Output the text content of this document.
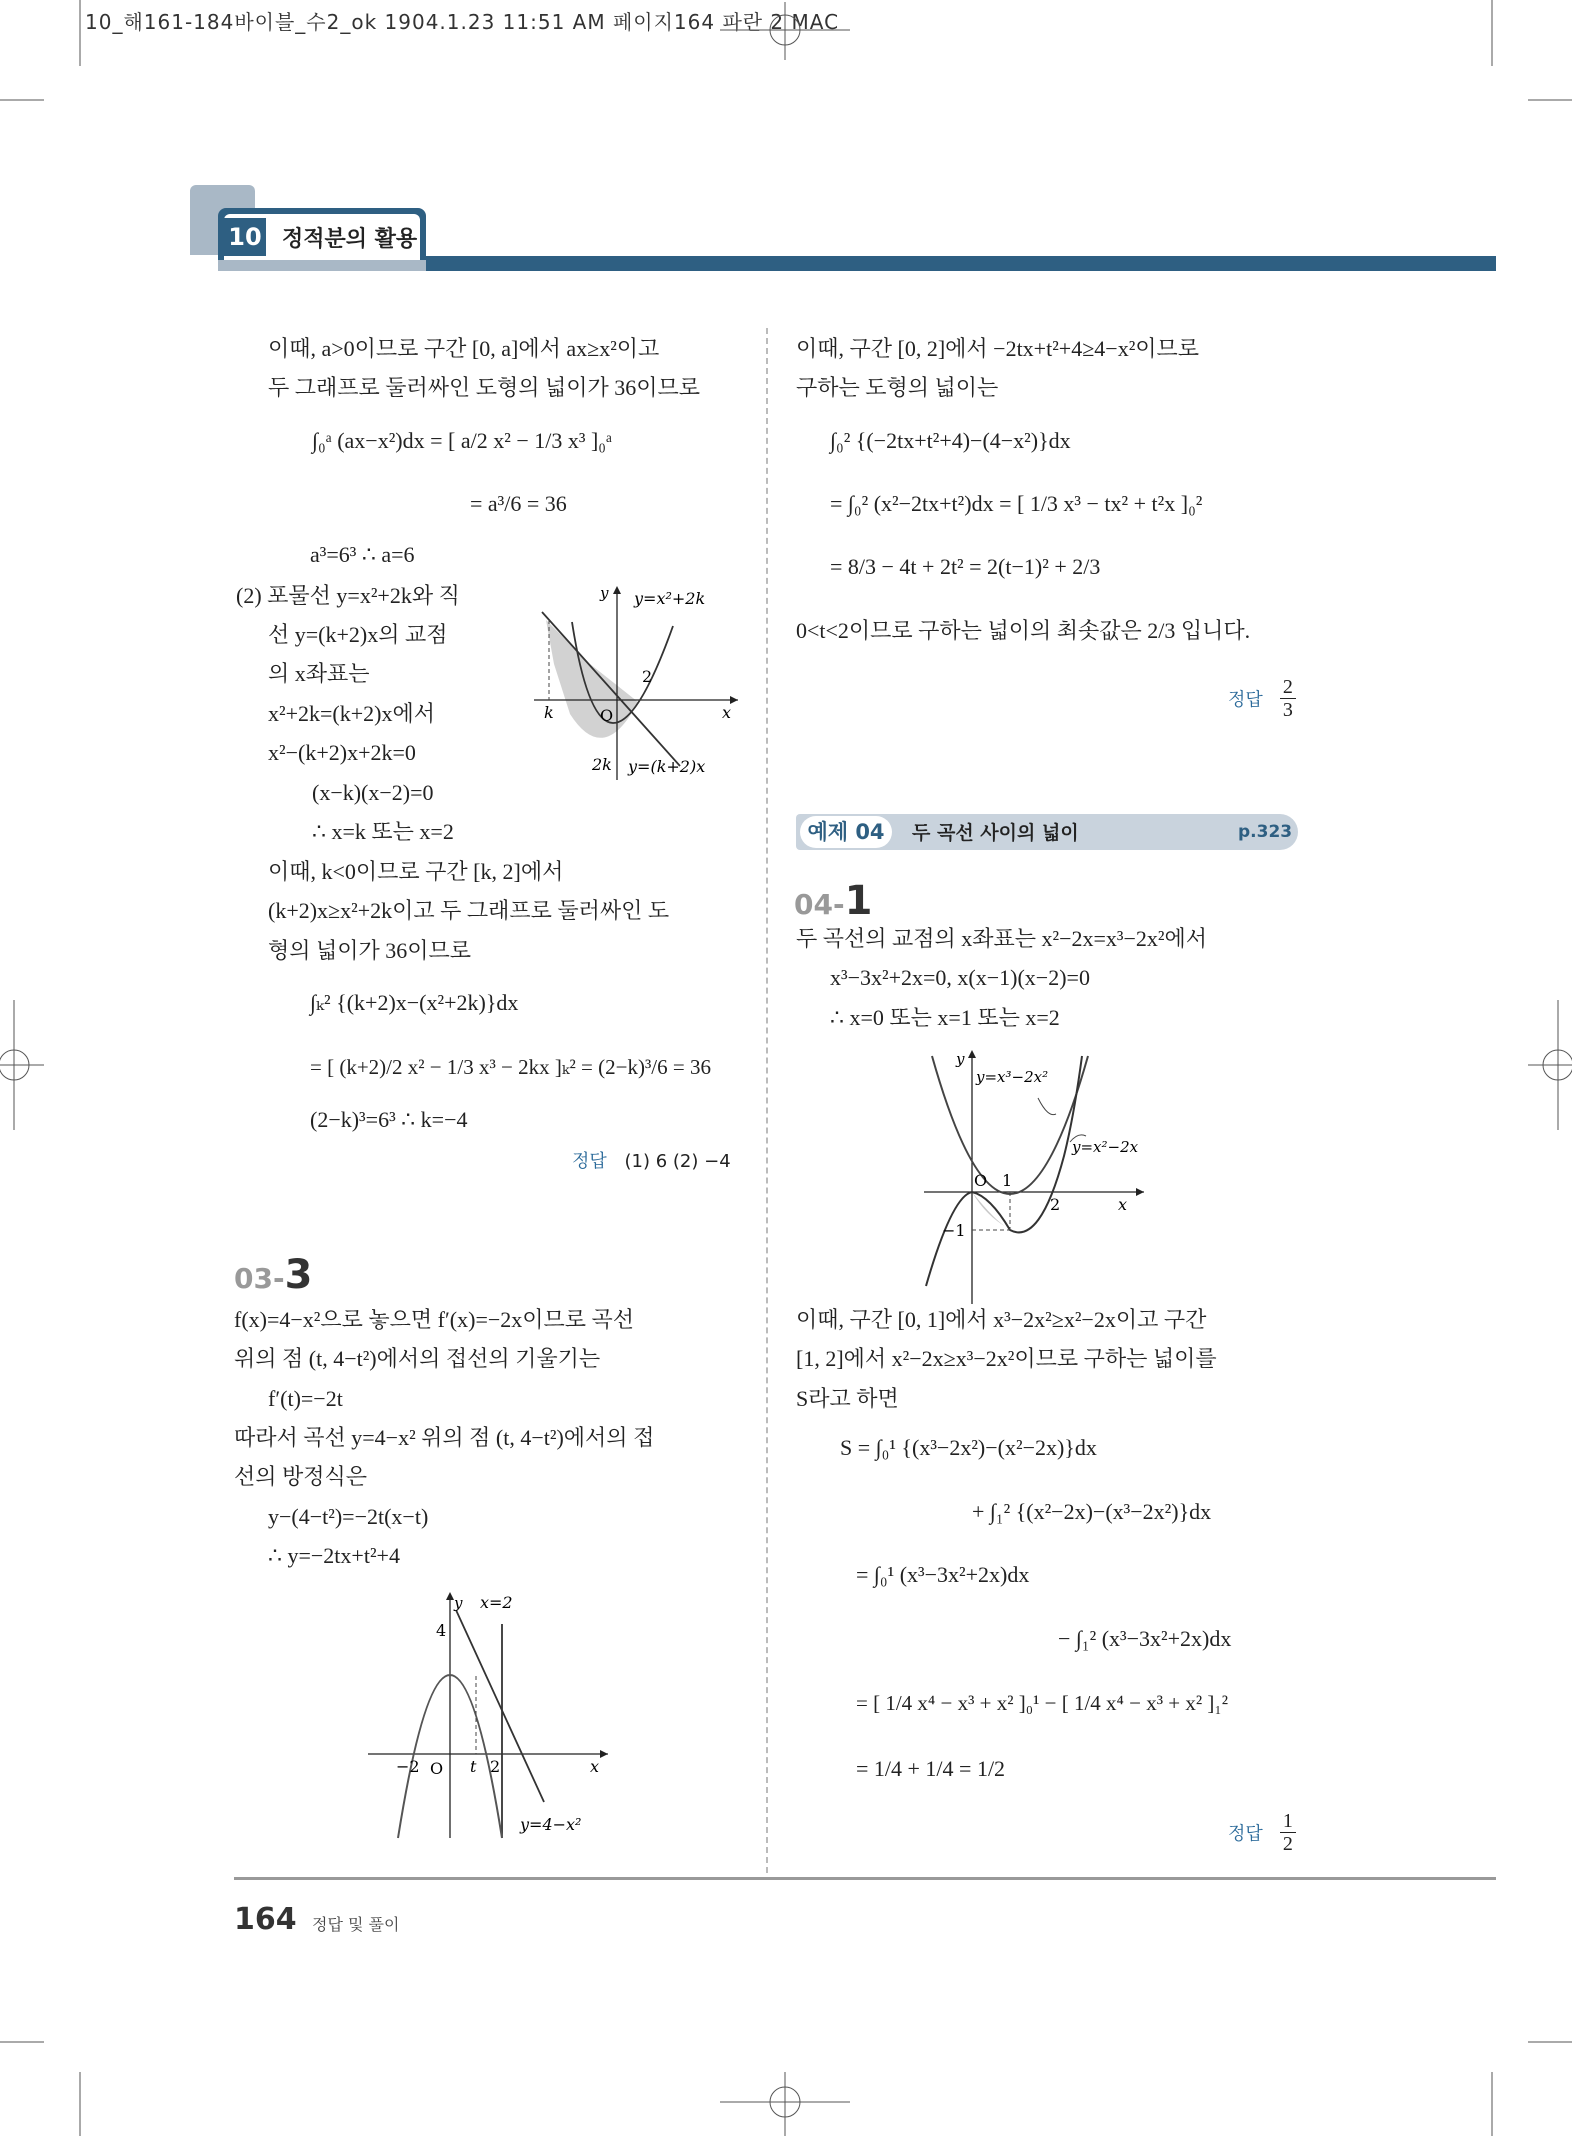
10_해161-184바이블_수2_ok 1904.1.23 11:51 AM 페이지164 파란 2 MAC
10 정적분의 활용
이때, a>0이므로 구간 [0, a]에서 ax≥x²이고
두 그래프로 둘러싸인 도형의 넓이가 36이므로
∫₀ᵃ (ax−x²)dx = [ a/2 x² − 1/3 x³ ]₀ᵃ
= a³/6 = 36
a³=6³ ∴ a=6
(2) 포물선 y=x²+2k와 직
선 y=(k+2)x의 교점
의 x좌표는
x²+2k=(k+2)x에서
x²−(k+2)x+2k=0
(x−k)(x−2)=0
∴ x=k 또는 x=2
이때, k<0이므로 구간 [k, 2]에서
(k+2)x≥x²+2k이고 두 그래프로 둘러싸인 도
형의 넓이가 36이므로
∫ₖ² {(k+2)x−(x²+2k)}dx
= [ (k+2)/2 x² − 1/3 x³ − 2kx ]ₖ² = (2−k)³/6 = 36
(2−k)³=6³ ∴ k=−4
정답 (1) 6 (2) −4
y y=x²+2k
x
O
k
2
2k y=(k+2)x
03-3
f(x)=4−x²으로 놓으면 f′(x)=−2x이므로 곡선
위의 점 (t, 4−t²)에서의 접선의 기울기는
f′(t)=−2t
따라서 곡선 y=4−x² 위의 점 (t, 4−t²)에서의 접
선의 방정식은
y−(4−t²)=−2t(x−t)
∴ y=−2tx+t²+4
y x=2
4
−2 O t 2	x
y=4−x²
이때, 구간 [0, 2]에서 −2tx+t²+4≥4−x²이므로
구하는 도형의 넓이는
∫₀² {(−2tx+t²+4)−(4−x²)}dx
= ∫₀² (x²−2tx+t²)dx = [ 1/3 x³ − tx² + t²x ]₀²
= 8/3 − 4t + 2t² = 2(t−1)² + 2/3
0<t<2이므로 구하는 넓이의 최솟값은 2/3 입니다.
정답 $\frac{2}{3}$
예제 04	두 곡선 사이의 넓이	p.323
04-1
두 곡선의 교점의 x좌표는 x²−2x=x³−2x²에서
x³−3x²+2x=0, x(x−1)(x−2)=0
∴ x=0 또는 x=1 또는 x=2
y
y=x³−2x²
y=x²−2x
O 1
2
−1
x
이때, 구간 [0, 1]에서 x³−2x²≥x²−2x이고 구간
[1, 2]에서 x²−2x≥x³−2x²이므로 구하는 넓이를
S라고 하면
S = ∫₀¹ {(x³−2x²)−(x²−2x)}dx
+ ∫₁² {(x²−2x)−(x³−2x²)}dx
= ∫₀¹ (x³−3x²+2x)dx
− ∫₁² (x³−3x²+2x)dx
= [ 1/4 x⁴ − x³ + x² ]₀¹ − [ 1/4 x⁴ − x³ + x² ]₁²
= 1/4 + 1/4 = 1/2
정답 $\frac{1}{2}$
164 정답 및 풀이
